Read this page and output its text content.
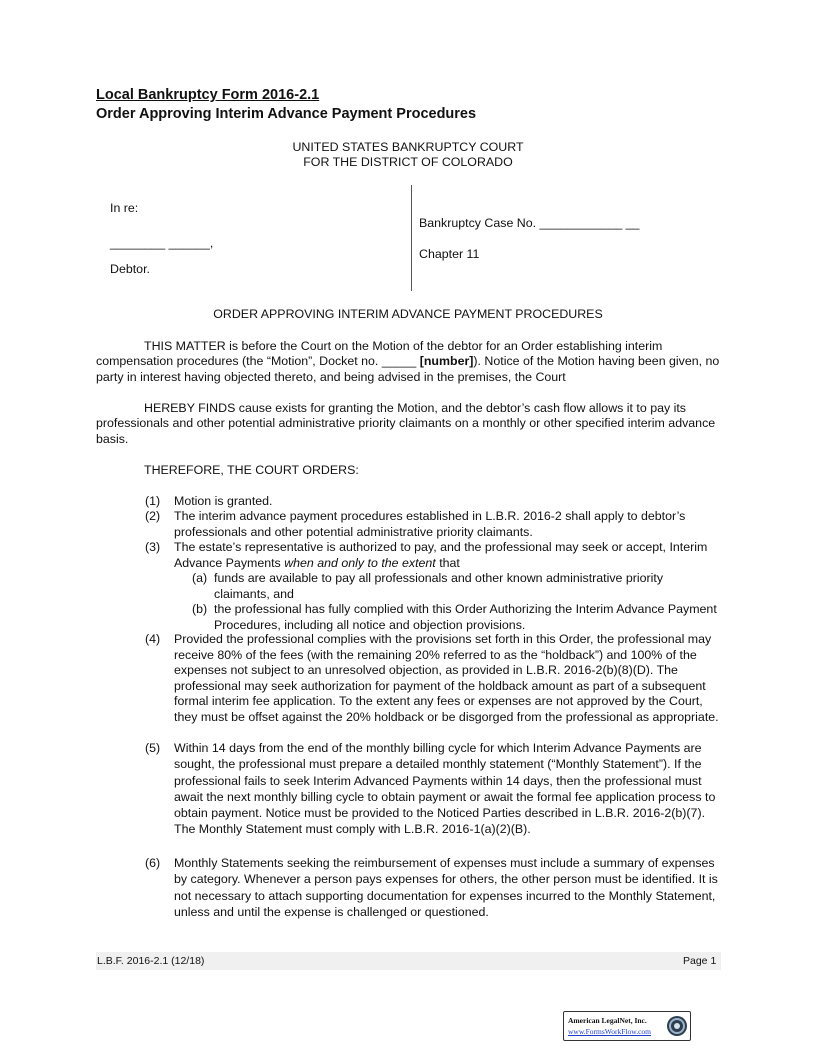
Local Bankruptcy Form 2016-2.1
Order Approving Interim Advance Payment Procedures
UNITED STATES BANKRUPTCY COURT
FOR THE DISTRICT OF COLORADO
In re:
________ ______,
Debtor.
Bankruptcy Case No. ____________ __
Chapter 11
ORDER APPROVING INTERIM ADVANCE PAYMENT PROCEDURES
THIS MATTER is before the Court on the Motion of the debtor for an Order establishing interim compensation procedures (the “Motion”, Docket no. _____ [number]). Notice of the Motion having been given, no party in interest having objected thereto, and being advised in the premises, the Court
HEREBY FINDS cause exists for granting the Motion, and the debtor’s cash flow allows it to pay its professionals and other potential administrative priority claimants on a monthly or other specified interim advance basis.
THEREFORE, THE COURT ORDERS:
(1) Motion is granted.
(2) The interim advance payment procedures established in L.B.R. 2016-2 shall apply to debtor’s professionals and other potential administrative priority claimants.
(3) The estate’s representative is authorized to pay, and the professional may seek or accept, Interim Advance Payments when and only to the extent that
(a) funds are available to pay all professionals and other known administrative priority claimants, and
(b) the professional has fully complied with this Order Authorizing the Interim Advance Payment Procedures, including all notice and objection provisions.
(4) Provided the professional complies with the provisions set forth in this Order, the professional may receive 80% of the fees (with the remaining 20% referred to as the “holdback”) and 100% of the expenses not subject to an unresolved objection, as provided in L.B.R. 2016-2(b)(8)(D). The professional may seek authorization for payment of the holdback amount as part of a subsequent formal interim fee application. To the extent any fees or expenses are not approved by the Court, they must be offset against the 20% holdback or be disgorged from the professional as appropriate.
(5) Within 14 days from the end of the monthly billing cycle for which Interim Advance Payments are sought, the professional must prepare a detailed monthly statement (“Monthly Statement”). If the professional fails to seek Interim Advanced Payments within 14 days, then the professional must await the next monthly billing cycle to obtain payment or await the formal fee application process to obtain payment. Notice must be provided to the Noticed Parties described in L.B.R. 2016-2(b)(7). The Monthly Statement must comply with L.B.R. 2016-1(a)(2)(B).
(6) Monthly Statements seeking the reimbursement of expenses must include a summary of expenses by category. Whenever a person pays expenses for others, the other person must be identified. It is not necessary to attach supporting documentation for expenses incurred to the Monthly Statement, unless and until the expense is challenged or questioned.
L.B.F. 2016-2.1 (12/18)	Page 1
American LegalNet, Inc.
www.FormsWorkFlow.com
